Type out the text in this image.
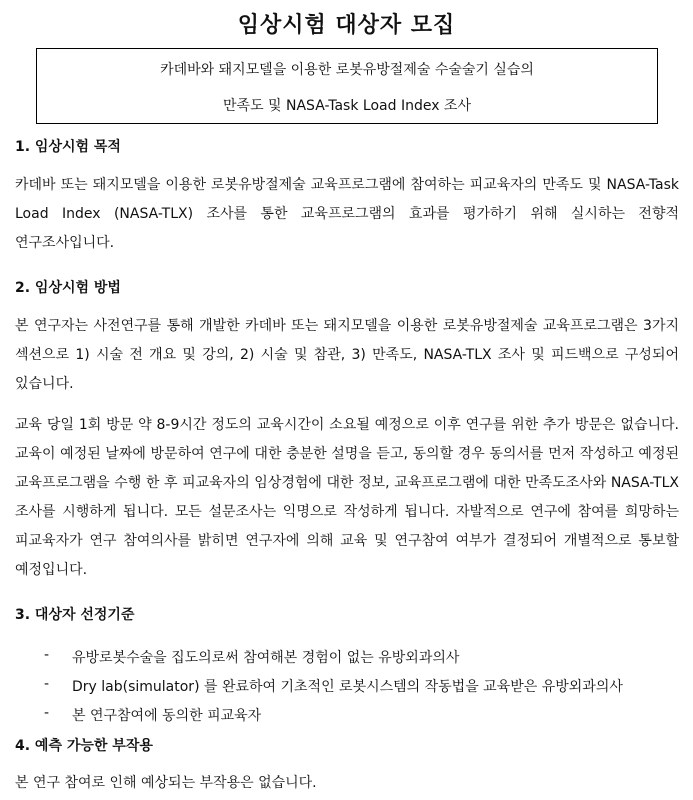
임상시험 대상자 모집
카데바와 돼지모델을 이용한 로봇유방절제술 수술술기 실습의
만족도 및 NASA-Task Load Index 조사
1. 임상시험 목적
카데바 또는 돼지모델을 이용한 로봇유방절제술 교육프로그램에 참여하는 피교육자의 만족도 및 NASA-Task Load Index (NASA-TLX) 조사를 통한 교육프로그램의 효과를 평가하기 위해 실시하는 전향적 연구조사입니다.
2. 임상시험 방법
본 연구자는 사전연구를 통해 개발한 카데바 또는 돼지모델을 이용한 로봇유방절제술 교육프로그램은 3가지 섹션으로 1) 시술 전 개요 및 강의, 2) 시술 및 참관, 3) 만족도, NASA-TLX 조사 및 피드백으로 구성되어 있습니다.
교육 당일 1회 방문 약 8-9시간 정도의 교육시간이 소요될 예정으로 이후 연구를 위한 추가 방문은 없습니다. 교육이 예정된 날짜에 방문하여 연구에 대한 충분한 설명을 듣고, 동의할 경우 동의서를 먼저 작성하고 예정된 교육프로그램을 수행 한 후 피교육자의 임상경험에 대한 정보, 교육프로그램에 대한 만족도조사와 NASA-TLX 조사를 시행하게 됩니다. 모든 설문조사는 익명으로 작성하게 됩니다. 자발적으로 연구에 참여를 희망하는 피교육자가 연구 참여의사를 밝히면 연구자에 의해 교육 및 연구참여 여부가 결정되어 개별적으로 통보할 예정입니다.
3. 대상자 선정기준
- 유방로봇수술을 집도의로써 참여해본 경험이 없는 유방외과의사
- Dry lab(simulator) 를 완료하여 기초적인 로봇시스템의 작동법을 교육받은 유방외과의사
- 본 연구참여에 동의한 피교육자
4. 예측 가능한 부작용
본 연구 참여로 인해 예상되는 부작용은 없습니다.
